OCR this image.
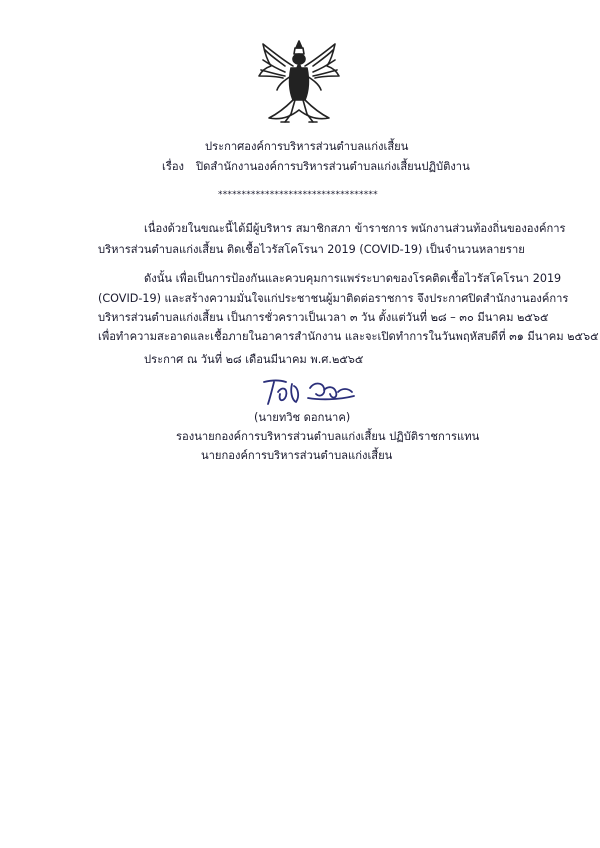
ประกาศองค์การบริหารส่วนตำบลแก่งเสี้ยน
เรื่อง ปิดสำนักงานองค์การบริหารส่วนตำบลแก่งเสี้ยนปฏิบัติงาน
**********************************
เนื่องด้วยในขณะนี้ได้มีผู้บริหาร สมาชิกสภา ข้าราชการ พนักงานส่วนท้องถิ่นขององค์การ
บริหารส่วนตำบลแก่งเสี้ยน ติดเชื้อไวรัสโคโรนา 2019 (COVID-19) เป็นจำนวนหลายราย
ดังนั้น เพื่อเป็นการป้องกันและควบคุมการแพร่ระบาดของโรคติดเชื้อไวรัสโคโรนา 2019
(COVID-19) และสร้างความมั่นใจแก่ประชาชนผู้มาติดต่อราชการ จึงประกาศปิดสำนักงานองค์การ
บริหารส่วนตำบลแก่งเสี้ยน เป็นการชั่วคราวเป็นเวลา ๓ วัน ตั้งแต่วันที่ ๒๘ – ๓๐ มีนาคม ๒๕๖๕
เพื่อทำความสะอาดและเชื้อภายในอาคารสำนักงาน และจะเปิดทำการในวันพฤหัสบดีที่ ๓๑ มีนาคม ๒๕๖๕
ประกาศ ณ วันที่ ๒๘ เดือนมีนาคม พ.ศ.๒๕๖๕
(นายทวิช ดอกนาค)
รองนายกองค์การบริหารส่วนตำบลแก่งเสี้ยน ปฏิบัติราชการแทน
นายกองค์การบริหารส่วนตำบลแก่งเสี้ยน
